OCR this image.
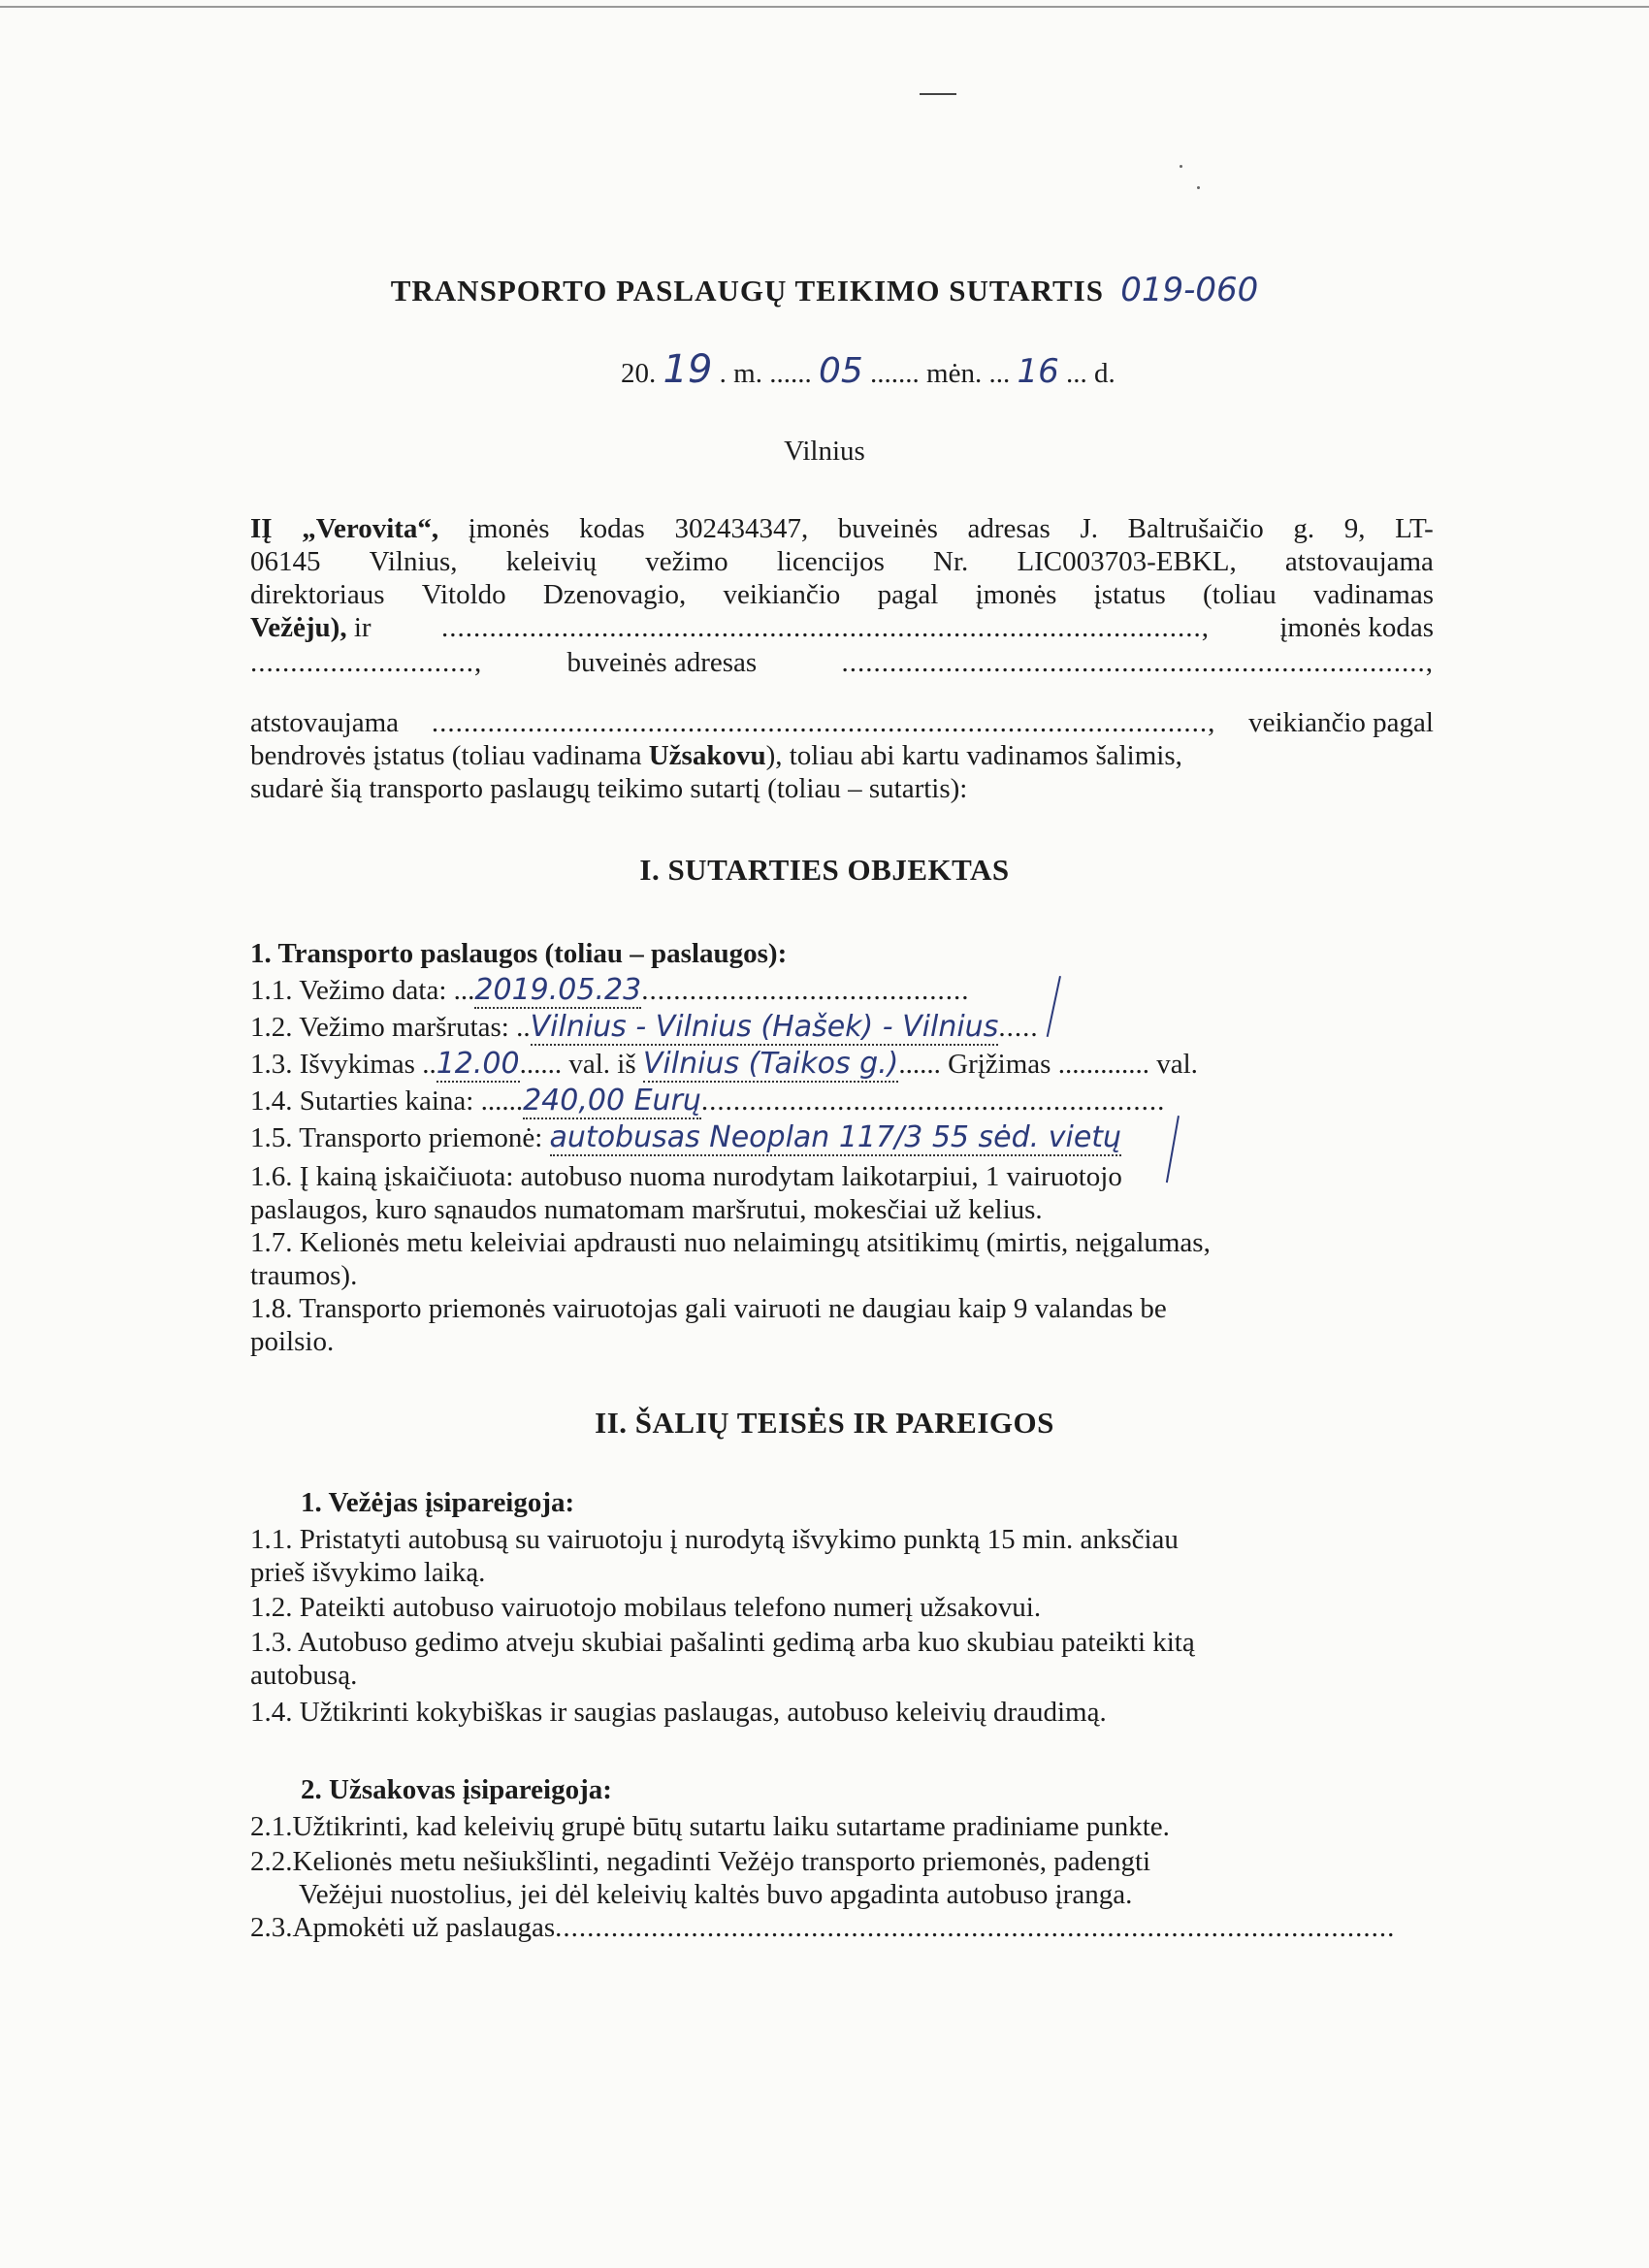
TRANSPORTO PASLAUGŲ TEIKIMO SUTARTIS 019-060
20. 19 . m. ...... 05 ....... mėn. ... 16 ... d.
Vilnius
IĮ „Verovita“, įmonės kodas 302434347, buveinės adresas J. Baltrušaičio g. 9, LT-
06145 Vilnius, keleivių vežimo licencijos Nr. LIC003703-EBKL, atstovaujama
direktoriaus Vitoldo Dzenovagio, veikiančio pagal įmonės įstatus (toliau vadinamas
Vežėju), ir ..............................................................................................., įmonės kodas
............................,	buveinės adresas	.........................................................................,
atstovaujama ................................................................................................., veikiančio pagal
bendrovės įstatus (toliau vadinama Užsakovu), toliau abi kartu vadinamos šalimis,
sudarė šią transporto paslaugų teikimo sutartį (toliau – sutartis):
I. SUTARTIES OBJEKTAS
1. Transporto paslaugos (toliau – paslaugos):
1.1. Vežimo data: ...2019.05.23.........................................
1.2. Vežimo maršrutas: ..Vilnius - Vilnius (Hašek) - Vilnius.....
1.3. Išvykimas ..12.00...... val. iš Vilnius (Taikos g.)...... Grįžimas ............. val.
1.4. Sutarties kaina: ......240,00 Eurų..........................................................
1.5. Transporto priemonė: autobusas Neoplan 117/3 55 sėd. vietų
1.6. Į kainą įskaičiuota: autobuso nuoma nurodytam laikotarpiui, 1 vairuotojo
paslaugos, kuro sąnaudos numatomam maršrutui, mokesčiai už kelius.
1.7. Kelionės metu keleiviai apdrausti nuo nelaimingų atsitikimų (mirtis, neįgalumas,
traumos).
1.8. Transporto priemonės vairuotojas gali vairuoti ne daugiau kaip 9 valandas be
poilsio.
II. ŠALIŲ TEISĖS IR PAREIGOS
1. Vežėjas įsipareigoja:
1.1. Pristatyti autobusą su vairuotoju į nurodytą išvykimo punktą 15 min. anksčiau
prieš išvykimo laiką.
1.2. Pateikti autobuso vairuotojo mobilaus telefono numerį užsakovui.
1.3. Autobuso gedimo atveju skubiai pašalinti gedimą arba kuo skubiau pateikti kitą
autobusą.
1.4. Užtikrinti kokybiškas ir saugias paslaugas, autobuso keleivių draudimą.
2. Užsakovas įsipareigoja:
2.1.Užtikrinti, kad keleivių grupė būtų sutartu laiku sutartame pradiniame punkte.
2.2.Kelionės metu nešiukšlinti, negadinti Vežėjo transporto priemonės, padengti
Vežėjui nuostolius, jei dėl keleivių kaltės buvo apgadinta autobuso įranga.
2.3.Apmokėti už paslaugas.........................................................................................................
